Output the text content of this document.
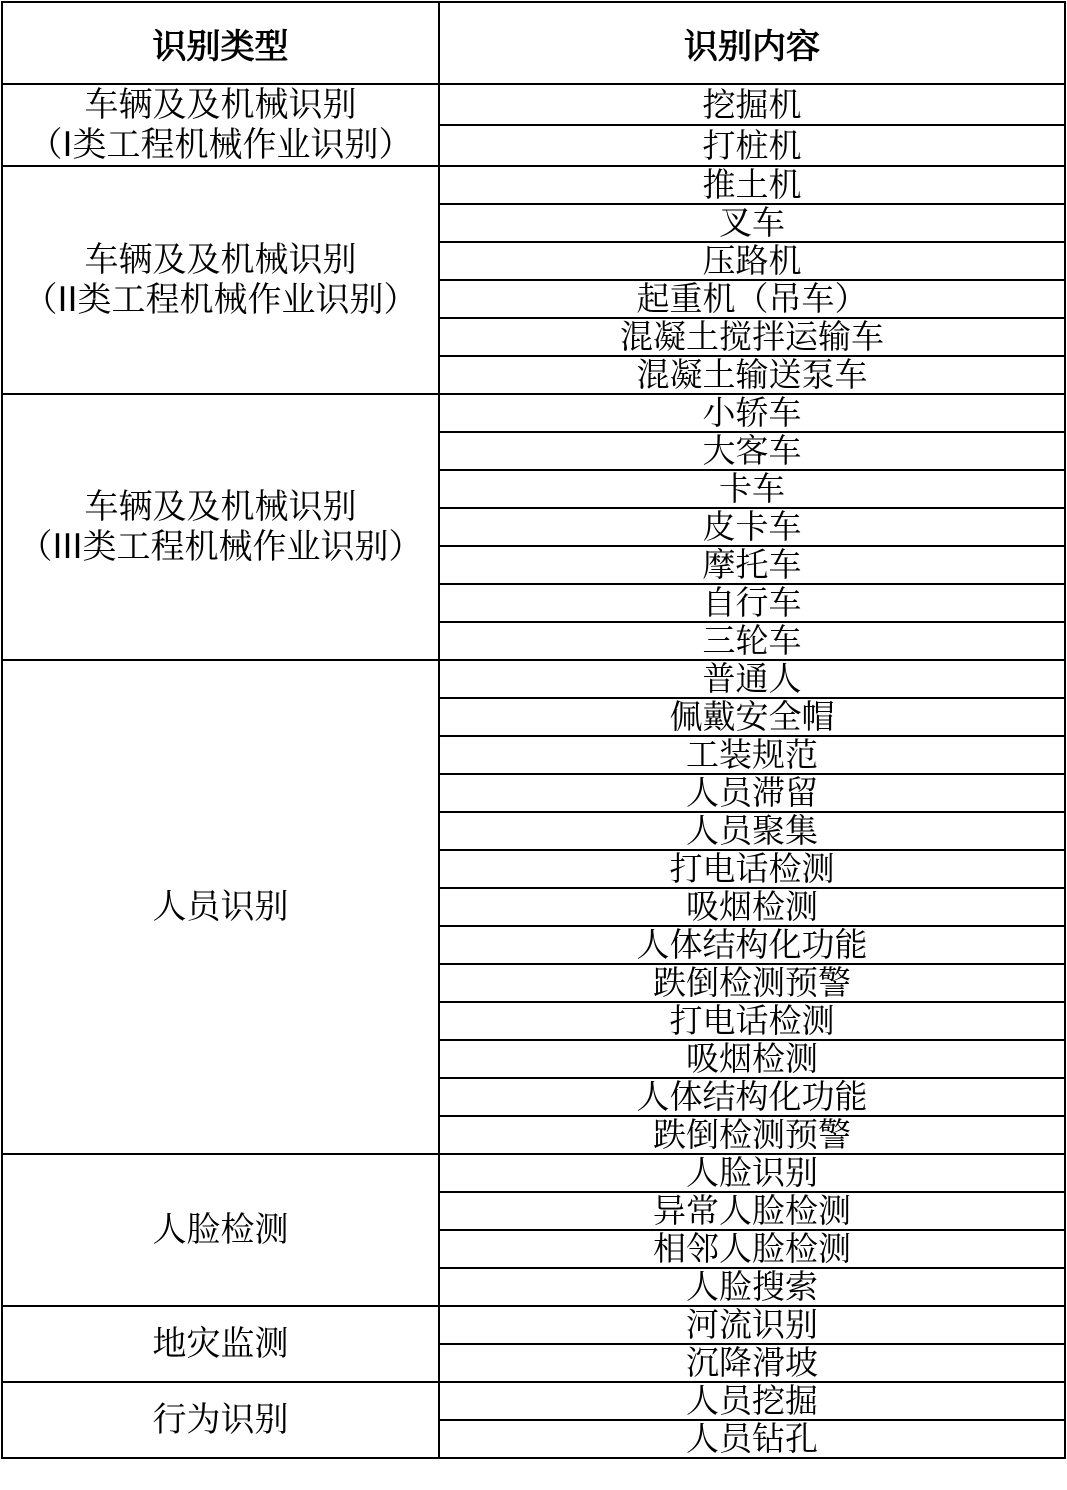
识别类型	识别内容

车辆及及机械识别
（I类工程机械作业识别）	挖掘机
	打桩机

车辆及及机械识别
（II类工程机械作业识别）	推土机
	叉车
	压路机
	起重机（吊车）
	混凝土搅拌运输车
	混凝土输送泵车

车辆及及机械识别
（III类工程机械作业识别）	小轿车
	大客车
	卡车
	皮卡车
	摩托车
	自行车
	三轮车

人员识别	普通人
	佩戴安全帽
	工装规范
	人员滞留
	人员聚集
	打电话检测
	吸烟检测
	人体结构化功能
	跌倒检测预警
	打电话检测
	吸烟检测
	人体结构化功能
	跌倒检测预警

人脸检测	人脸识别
	异常人脸检测
	相邻人脸检测
	人脸搜索

地灾监测	河流识别
	沉降滑坡

行为识别	人员挖掘
	人员钻孔
